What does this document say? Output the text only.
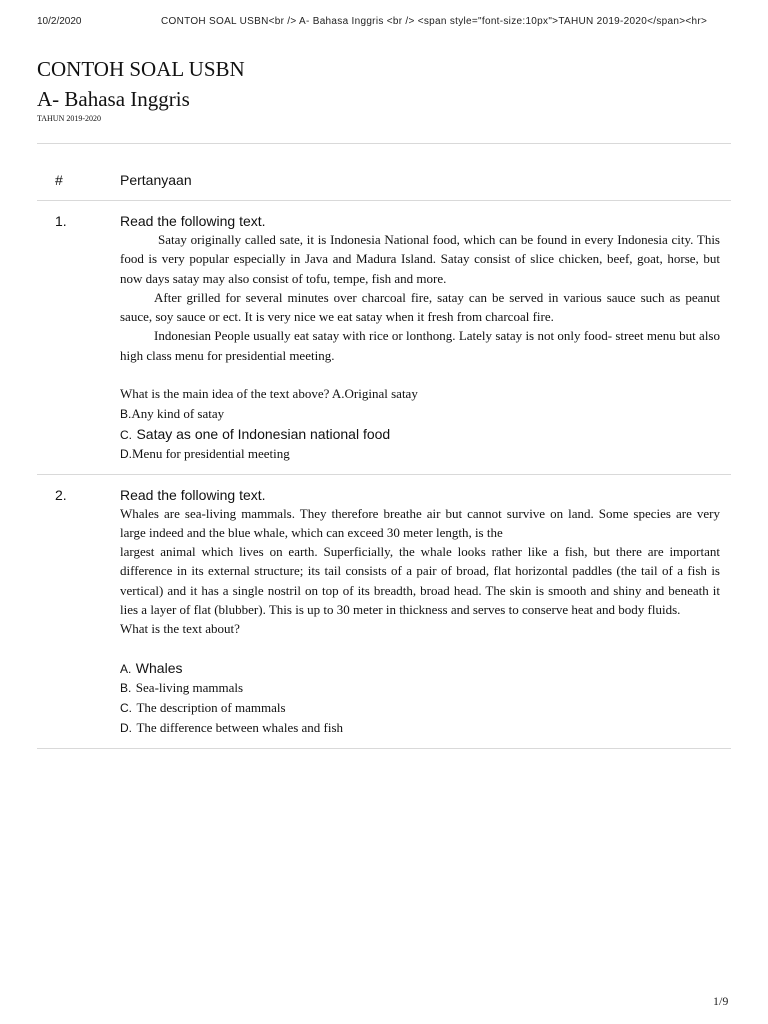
10/2/2020	CONTOH SOAL USBN<br /> A- Bahasa Inggris <br /> <span style="font-size:10px">TAHUN 2019-2020</span><hr>
CONTOH SOAL USBN
A- Bahasa Inggris
TAHUN 2019-2020
#	Pertanyaan
1.	Read the following text.

Satay originally called sate, it is Indonesia National food, which can be found in every Indonesia city. This food is very popular especially in Java and Madura Island. Satay consist of slice chicken, beef, goat, horse, but now days satay may also consist of tofu, tempe, fish and more.

After grilled for several minutes over charcoal fire, satay can be served in various sauce such as peanut sauce, soy sauce or ect. It is very nice we eat satay when it fresh from charcoal fire.

Indonesian People usually eat satay with rice or lonthong. Lately satay is not only food- street menu but also high class menu for presidential meeting.

What is the main idea of the text above? A.Original satay

B.Any kind of satay
C. Satay as one of Indonesian national food
D.Menu for presidential meeting
2.	Read the following text.

Whales are sea-living mammals. They therefore breathe air but cannot survive on land. Some species are very large indeed and the blue whale, which can exceed 30 meter length, is the

largest animal which lives on earth. Superficially, the whale looks rather like a fish, but there are important difference in its external structure; its tail consists of a pair of broad, flat horizontal paddles (the tail of a fish is vertical) and it has a single nostril on top of its breadth, broad head. The skin is smooth and shiny and beneath it lies a layer of flat (blubber). This is up to 30 meter in thickness and serves to conserve heat and body fluids.

What is the text about?

A. Whales
B. Sea-living mammals
C. The description of mammals
D. The difference between whales and fish
1/9
